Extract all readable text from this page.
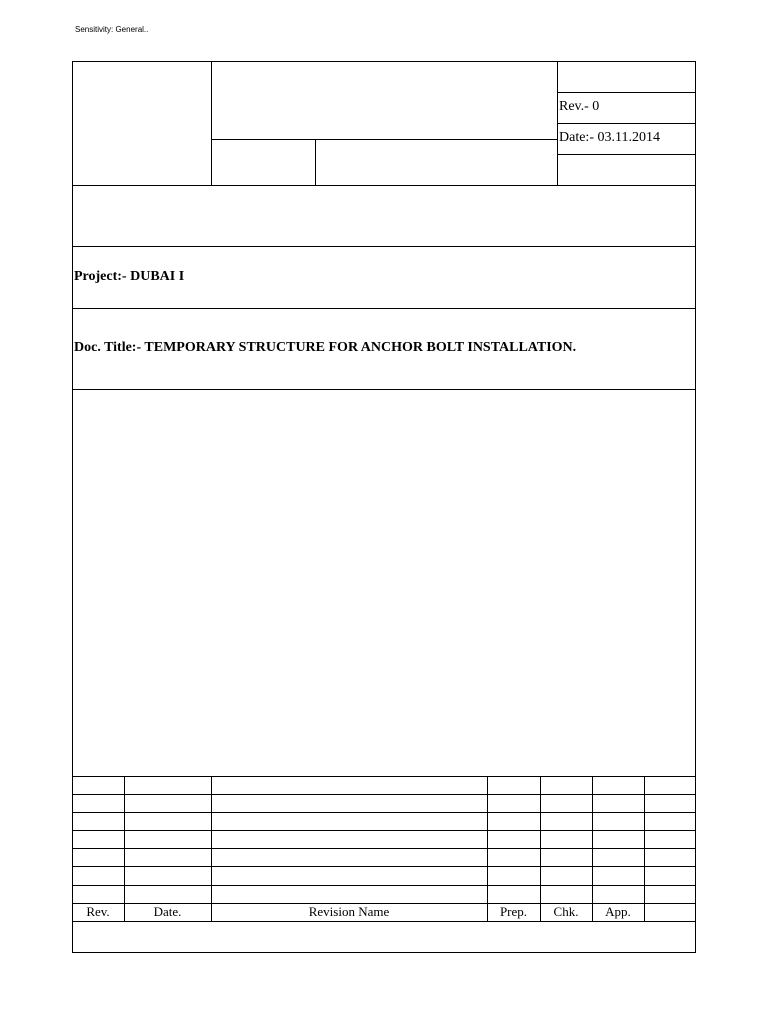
Sensitivity: General..
Rev.- 0
Date:- 03.11.2014
Project:- DUBAI I
Doc. Title:- TEMPORARY STRUCTURE FOR ANCHOR BOLT INSTALLATION.
Rev.	Date.	Revision Name	Prep.	Chk.	App.
